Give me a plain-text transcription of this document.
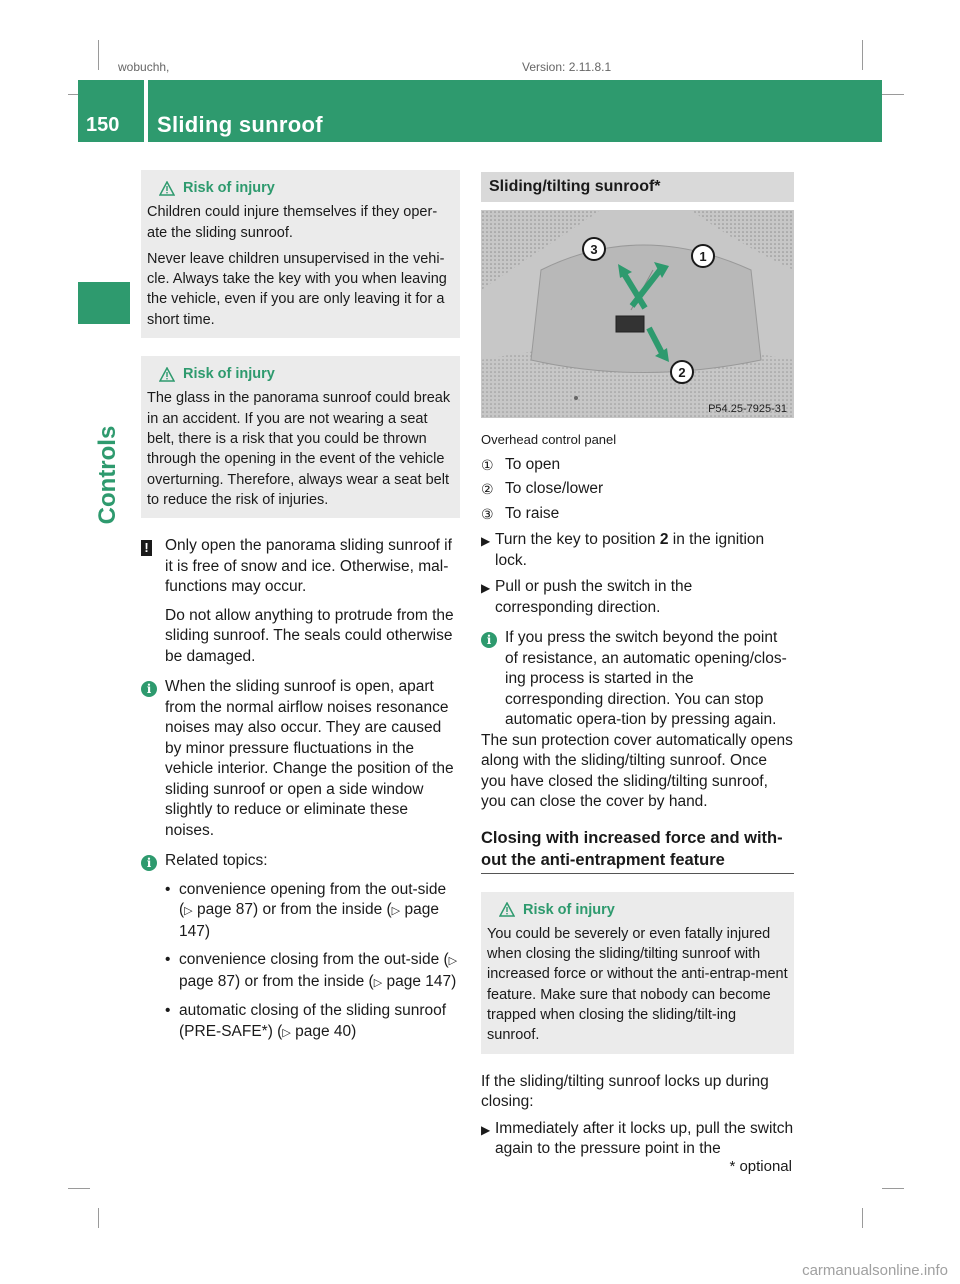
wobuchh,	Version: 2.11.8.1
150 Sliding sunroof
Controls
Risk of injury

Children could injure themselves if they oper-ate the sliding sunroof.

Never leave children unsupervised in the vehi-cle. Always take the key with you when leaving the vehicle, even if you are only leaving it for a short time.

Risk of injury

The glass in the panorama sunroof could break in an accident. If you are not wearing a seat belt, there is a risk that you could be thrown through the opening in the event of the vehicle overturning. Therefore, always wear a seat belt to reduce the risk of injuries.

!	Only open the panorama sliding sunroof if it is free of snow and ice. Otherwise, mal-functions may occur.

Do not allow anything to protrude from the sliding sunroof. The seals could otherwise be damaged.

i When the sliding sunroof is open, apart from the normal airflow noises resonance noises may also occur. They are caused by minor pressure fluctuations in the vehicle interior. Change the position of the sliding sunroof or open a side window slightly to reduce or eliminate these noises.

i Related topics:

• convenience opening from the out-side (▷ page 87) or from the inside (▷ page 147)
• convenience closing from the out-side (▷ page 87) or from the inside (▷ page 147)
• automatic closing of the sliding sunroof (PRE-SAFE*) (▷ page 40)
Sliding/tilting sunroof*
3	1
2
P54.25-7925-31
Overhead control panel
① To open
② To close/lower
③ To raise
▶ Turn the key to position 2 in the ignition lock.
▶ Pull or push the switch in the corresponding direction.
i If you press the switch beyond the point of resistance, an automatic opening/clos-ing process is started in the corresponding direction. You can stop automatic opera-tion by pressing again.

The sun protection cover automatically opens along with the sliding/tilting sunroof. Once you have closed the sliding/tilting sunroof, you can close the cover by hand.

Closing with increased force and with-out the anti-entrapment feature
Risk of injury

You could be severely or even fatally injured when closing the sliding/tilting sunroof with increased force or without the anti-entrap-ment feature. Make sure that nobody can become trapped when closing the sliding/tilt-ing sunroof.

If the sliding/tilting sunroof locks up during closing:

▶ Immediately after it locks up, pull the switch again to the pressure point in the
* optional
carmanualsonline.info
